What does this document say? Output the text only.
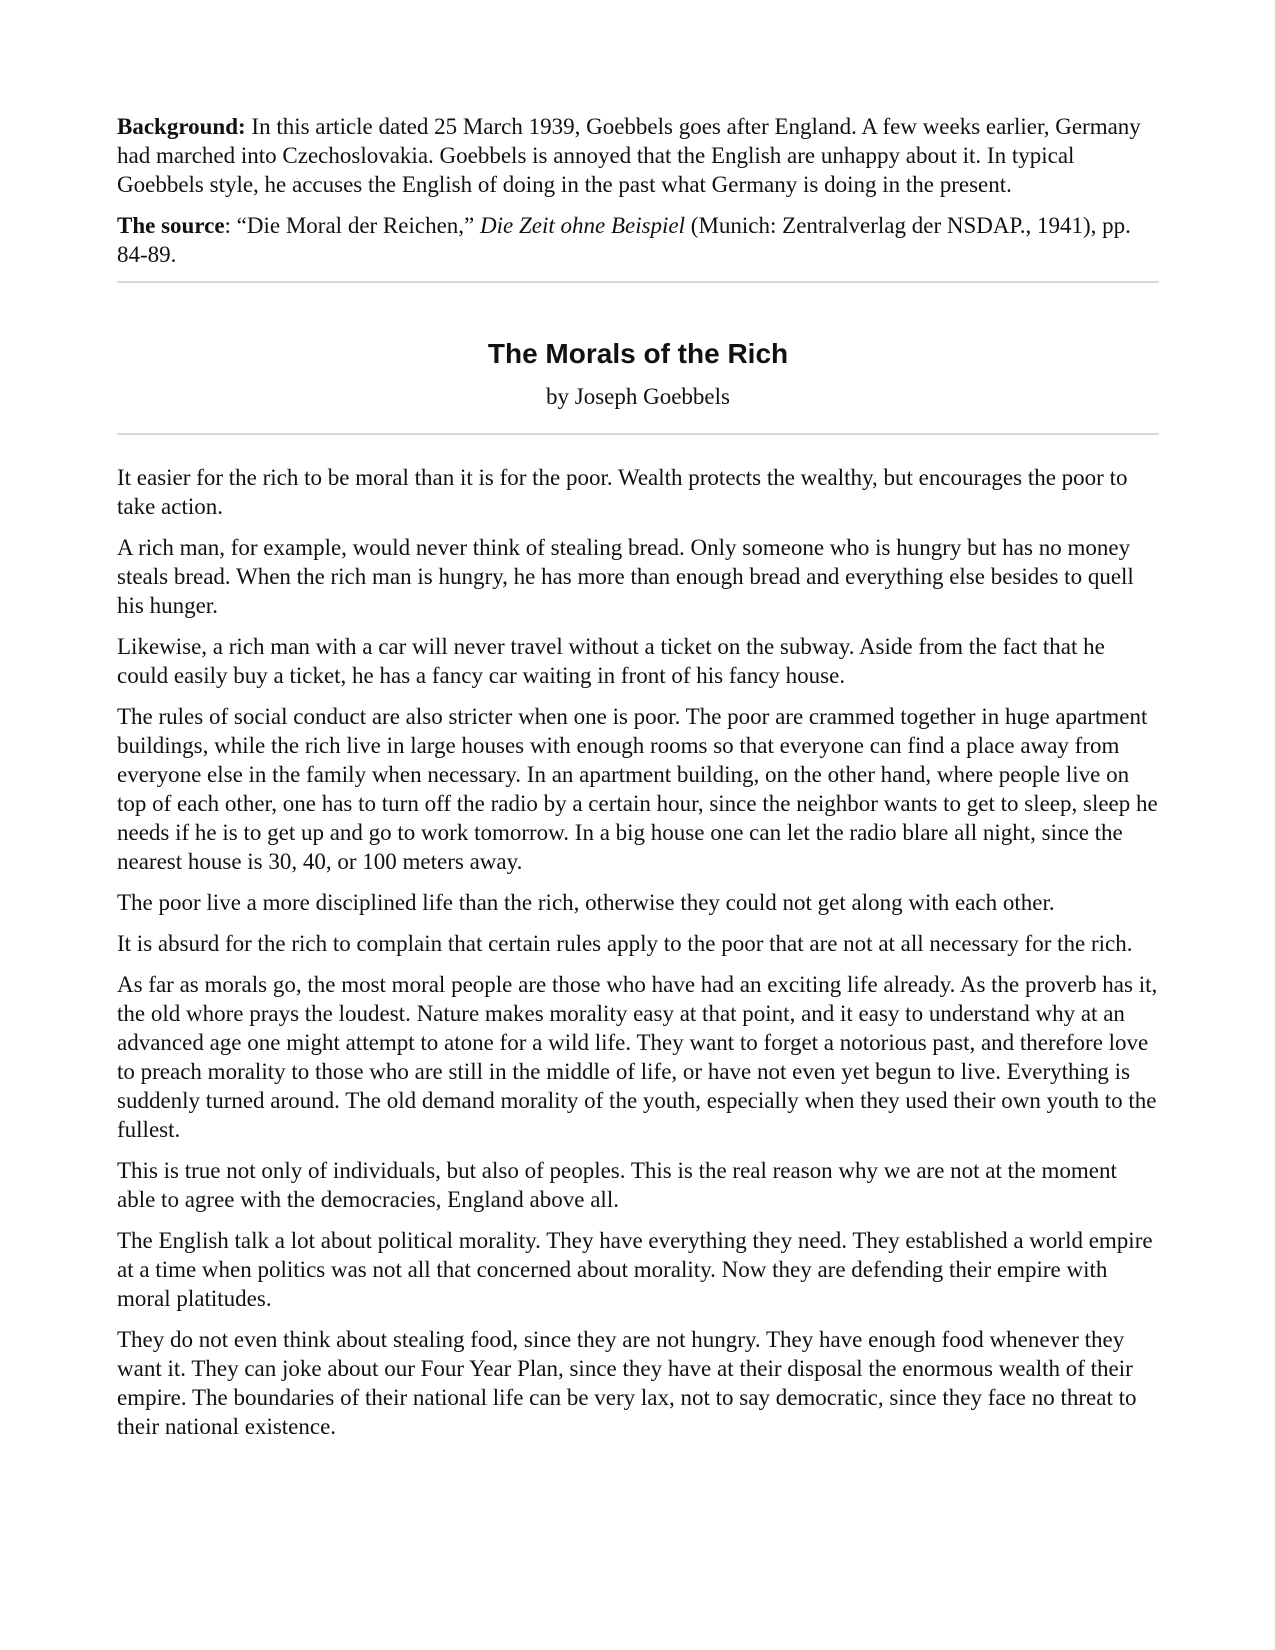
Background: In this article dated 25 March 1939, Goebbels goes after England. A few weeks earlier, Germany had marched into Czechoslovakia. Goebbels is annoyed that the English are unhappy about it. In typical Goebbels style, he accuses the English of doing in the past what Germany is doing in the present.

The source: “Die Moral der Reichen,” Die Zeit ohne Beispiel (Munich: Zentralverlag der NSDAP., 1941), pp. 84-89.

The Morals of the Rich
by Joseph Goebbels

It easier for the rich to be moral than it is for the poor. Wealth protects the wealthy, but encourages the poor to take action.

A rich man, for example, would never think of stealing bread. Only someone who is hungry but has no money steals bread. When the rich man is hungry, he has more than enough bread and everything else besides to quell his hunger.

Likewise, a rich man with a car will never travel without a ticket on the subway. Aside from the fact that he could easily buy a ticket, he has a fancy car waiting in front of his fancy house.

The rules of social conduct are also stricter when one is poor. The poor are crammed together in huge apartment buildings, while the rich live in large houses with enough rooms so that everyone can find a place away from everyone else in the family when necessary. In an apartment building, on the other hand, where people live on top of each other, one has to turn off the radio by a certain hour, since the neighbor wants to get to sleep, sleep he needs if he is to get up and go to work tomorrow. In a big house one can let the radio blare all night, since the nearest house is 30, 40, or 100 meters away.

The poor live a more disciplined life than the rich, otherwise they could not get along with each other.

It is absurd for the rich to complain that certain rules apply to the poor that are not at all necessary for the rich.

As far as morals go, the most moral people are those who have had an exciting life already. As the proverb has it, the old whore prays the loudest. Nature makes morality easy at that point, and it easy to understand why at an advanced age one might attempt to atone for a wild life. They want to forget a notorious past, and therefore love to preach morality to those who are still in the middle of life, or have not even yet begun to live. Everything is suddenly turned around. The old demand morality of the youth, especially when they used their own youth to the fullest.

This is true not only of individuals, but also of peoples. This is the real reason why we are not at the moment able to agree with the democracies, England above all.

The English talk a lot about political morality. They have everything they need. They established a world empire at a time when politics was not all that concerned about morality. Now they are defending their empire with moral platitudes.

They do not even think about stealing food, since they are not hungry. They have enough food whenever they want it. They can joke about our Four Year Plan, since they have at their disposal the enormous wealth of their empire. The boundaries of their national life can be very lax, not to say democratic, since they face no threat to their national existence.
